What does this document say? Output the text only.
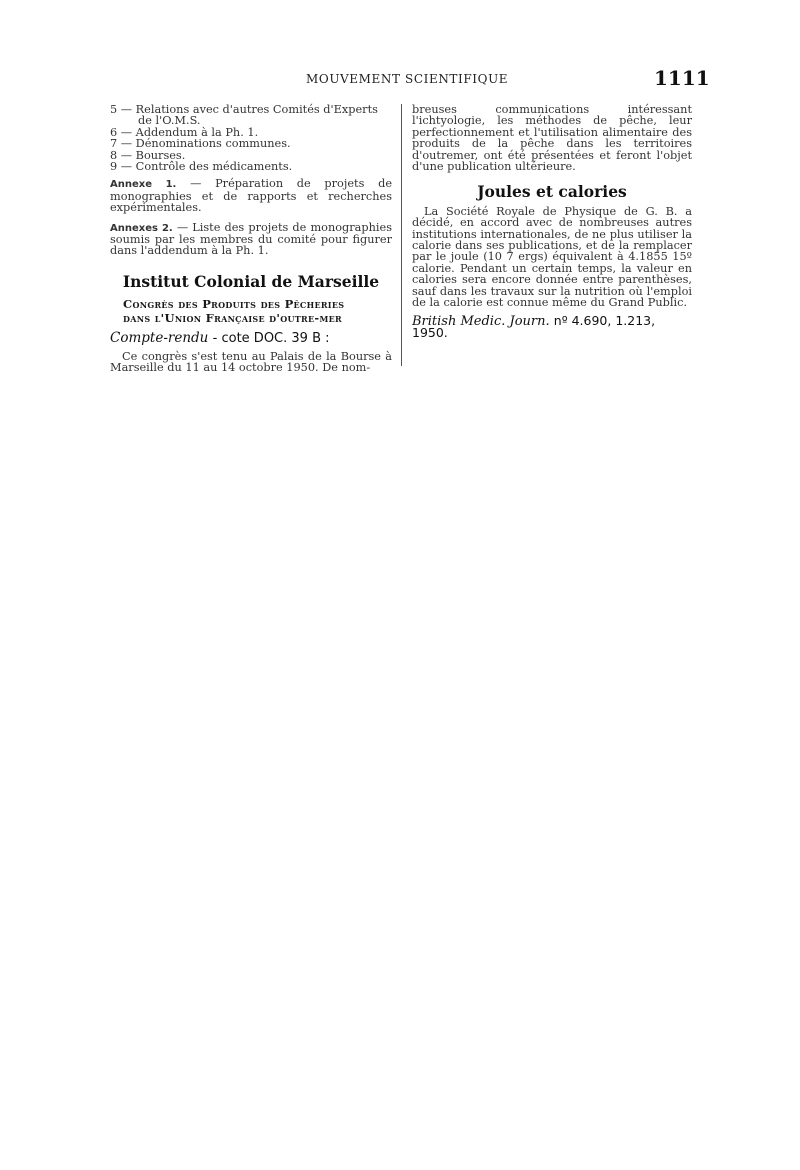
MOUVEMENT SCIENTIFIQUE	1111
5 — Relations avec d'autres Comités d'Experts
de l'O.M.S.
6 — Addendum à la Ph. 1.
7 — Dénominations communes.
8 — Bourses.
9 — Contrôle des médicaments.

Annexe 1. — Préparation de projets de monographies et de rapports et recherches expérimentales.

Annexes 2. — Liste des projets de monographies soumis par les membres du comité pour figurer dans l'addendum à la Ph. 1.

Institut Colonial de Marseille

Congrès des Produits des Pêcheries

dans l'Union Française d'outre-mer

Compte-rendu - cote DOC. 39 B :

Ce congrès s'est tenu au Palais de la Bourse à Marseille du 11 au 14 octobre 1950. De nom-

breuses communications intéressant l'ichtyologie, les méthodes de pêche, leur perfectionnement et l'utilisation alimentaire des produits de la pêche dans les territoires d'outremer, ont été présentées et feront l'objet d'une publication ultérieure.

Joules et calories

La Société Royale de Physique de G. B. a décidé, en accord avec de nombreuses autres institutions internationales, de ne plus utiliser la calorie dans ses publications, et de la remplacer par le joule (10 7 ergs) équivalent à 4.1855 15º calorie. Pendant un certain temps, la valeur en calories sera encore donnée entre parenthèses, sauf dans les travaux sur la nutrition où l'emploi de la calorie est connue même du Grand Public.

British Medic. Journ. nº 4.690, 1.213, 1950.
